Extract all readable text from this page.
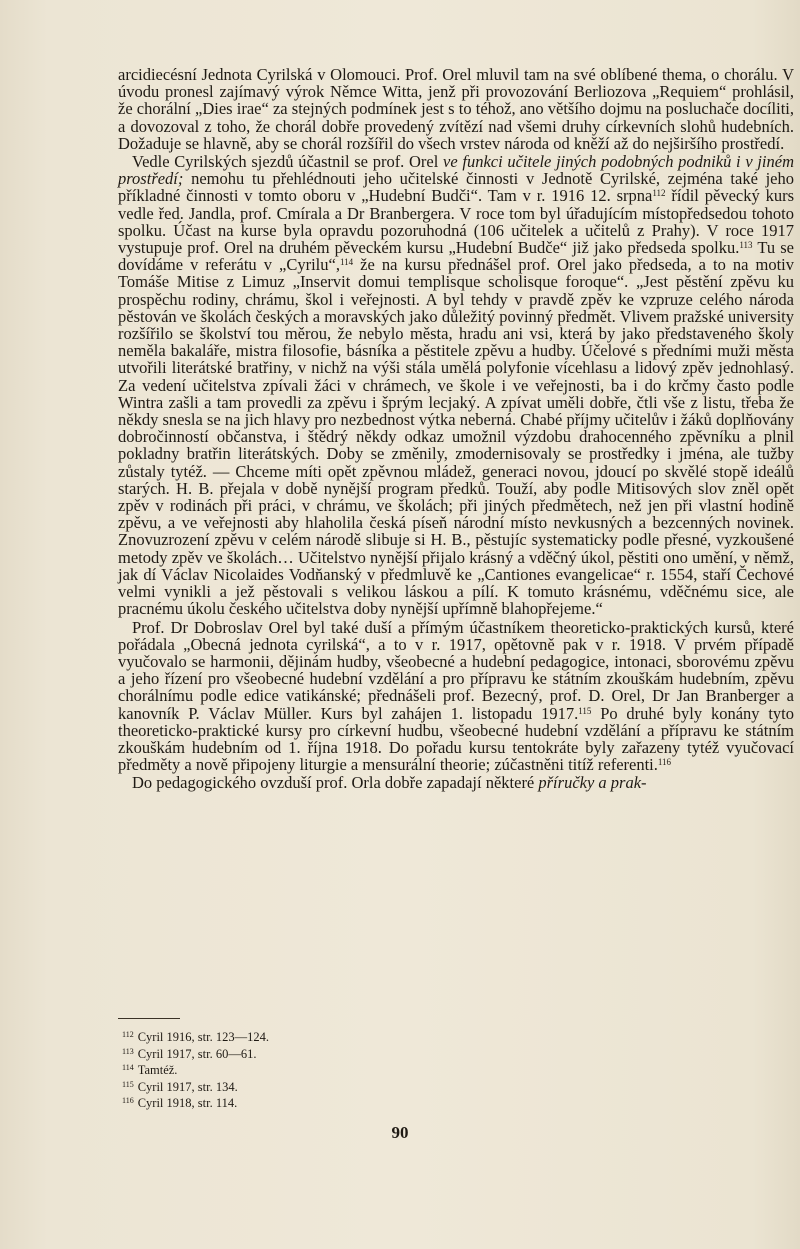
arcidiecésní Jednota Cyrilská v Olomouci. Prof. Orel mluvil tam na své oblíbené thema, o chorálu. V úvodu pronesl zajímavý výrok Němce Witta, jenž při provozování Berliozova „Requiem“ prohlásil, že chorální „Dies irae“ za stejných podmínek jest s to téhož, ano většího dojmu na posluchače docíliti, a dovozoval z toho, že chorál dobře provedený zvítězí nad všemi druhy církevních slohů hudebních. Dožaduje se hlavně, aby se chorál rozšířil do všech vrstev národa od kněží až do nejširšího prostředí.

Vedle Cyrilských sjezdů účastnil se prof. Orel ve funkci učitele jiných podobných podniků i v jiném prostředí; nemohu tu přehlédnouti jeho učitelské činnosti v Jednotě Cyrilské, zejména také jeho příkladné činnosti v tomto oboru v „Hudební Budči“. Tam v r. 1916 12. srpna$^{112}$ řídil pěvecký kurs vedle řed. Jandla, prof. Cmírala a Dr Branbergera. V roce tom byl úřadujícím místopředsedou tohoto spolku. Účast na kurse byla opravdu pozoruhodná (106 učitelek a učitelů z Prahy). V roce 1917 vystupuje prof. Orel na druhém pěveckém kursu „Hudební Budče“ již jako předseda spolku.$^{113}$ Tu se dovídáme v referátu v „Cyrilu“,$^{114}$ že na kursu přednášel prof. Orel jako předseda, a to na motiv Tomáše Mitise z Limuz „Inservit domui templisque scholisque foroque“. „Jest pěstění zpěvu ku prospěchu rodiny, chrámu, škol i veřejnosti. A byl tehdy v pravdě zpěv ke vzpruze celého národa pěstován ve školách českých a moravských jako důležitý povinný předmět. Vlivem pražské university rozšířilo se školství tou měrou, že nebylo města, hradu ani vsi, která by jako představeného školy neměla bakaláře, mistra filosofie, básníka a pěstitele zpěvu a hudby. Účelové s předními muži města utvořili literátské bratřiny, v nichž na výši stála umělá polyfonie vícehlasu a lidový zpěv jednohlasý. Za vedení učitelstva zpívali žáci v chrámech, ve škole i ve veřejnosti, ba i do krčmy často podle Wintra zašli a tam provedli za zpěvu i šprým lecjaký. A zpívat uměli dobře, čtli vše z listu, třeba že někdy snesla se na jich hlavy pro nezbednost výtka neberná. Chabé příjmy učitelův i žáků doplňovány dobročinností občanstva, i štědrý někdy odkaz umožnil výzdobu drahocenného zpěvníku a plnil pokladny bratřin literátských. Doby se změnily, zmodernisovaly se prostředky i jména, ale tužby zůstaly tytéž. — Chceme míti opět zpěvnou mládež, generaci novou, jdoucí po skvělé stopě ideálů starých. H. B. přejala v době nynější program předků. Touží, aby podle Mitisových slov zněl opět zpěv v rodinách při práci, v chrámu, ve školách; při jiných předmětech, než jen při vlastní hodině zpěvu, a ve veřejnosti aby hlaholila česká píseň národní místo nevkusných a bezcenných novinek. Znovuzrození zpěvu v celém národě slibuje si H. B., pěstujíc systematicky podle přesné, vyzkoušené metody zpěv ve školách… Učitelstvo nynější přijalo krásný a vděčný úkol, pěstiti ono umění, v němž, jak dí Václav Nicolaides Vodňanský v předmluvě ke „Cantiones evangelicae“ r. 1554, staří Čechové velmi vynikli a jež pěstovali s velikou láskou a pílí. K tomuto krásnému, vděčnému sice, ale pracnému úkolu českého učitelstva doby nynější upřímně blahopřejeme.“

Prof. Dr Dobroslav Orel byl také duší a přímým účastníkem theoreticko-praktických kursů, které pořádala „Obecná jednota cyrilská“, a to v r. 1917, opětovně pak v r. 1918. V prvém případě vyučovalo se harmonii, dějinám hudby, všeobecné a hudební pedagogice, intonaci, sborovému zpěvu a jeho řízení pro všeobecné hudební vzdělání a pro přípravu ke státním zkouškám hudebním, zpěvu chorálnímu podle edice vatikánské; přednášeli prof. Bezecný, prof. D. Orel, Dr Jan Branberger a kanovník P. Václav Müller. Kurs byl zahájen 1. listopadu 1917.$^{115}$ Po druhé byly konány tyto theoreticko-praktické kursy pro církevní hudbu, všeobecné hudební vzdělání a přípravu ke státním zkouškám hudebním od 1. října 1918. Do pořadu kursu tentokráte byly zařazeny tytéž vyučovací předměty a nově připojeny liturgie a mensurální theorie; zúčastněni titíž referenti.$^{116}$

Do pedagogického ovzduší prof. Orla dobře zapadají některé příručky a prak-

$^{112}$ Cyril 1916, str. 123—124.
$^{113}$ Cyril 1917, str. 60—61.
$^{114}$ Tamtéž.
$^{115}$ Cyril 1917, str. 134.
$^{116}$ Cyril 1918, str. 114.
90
